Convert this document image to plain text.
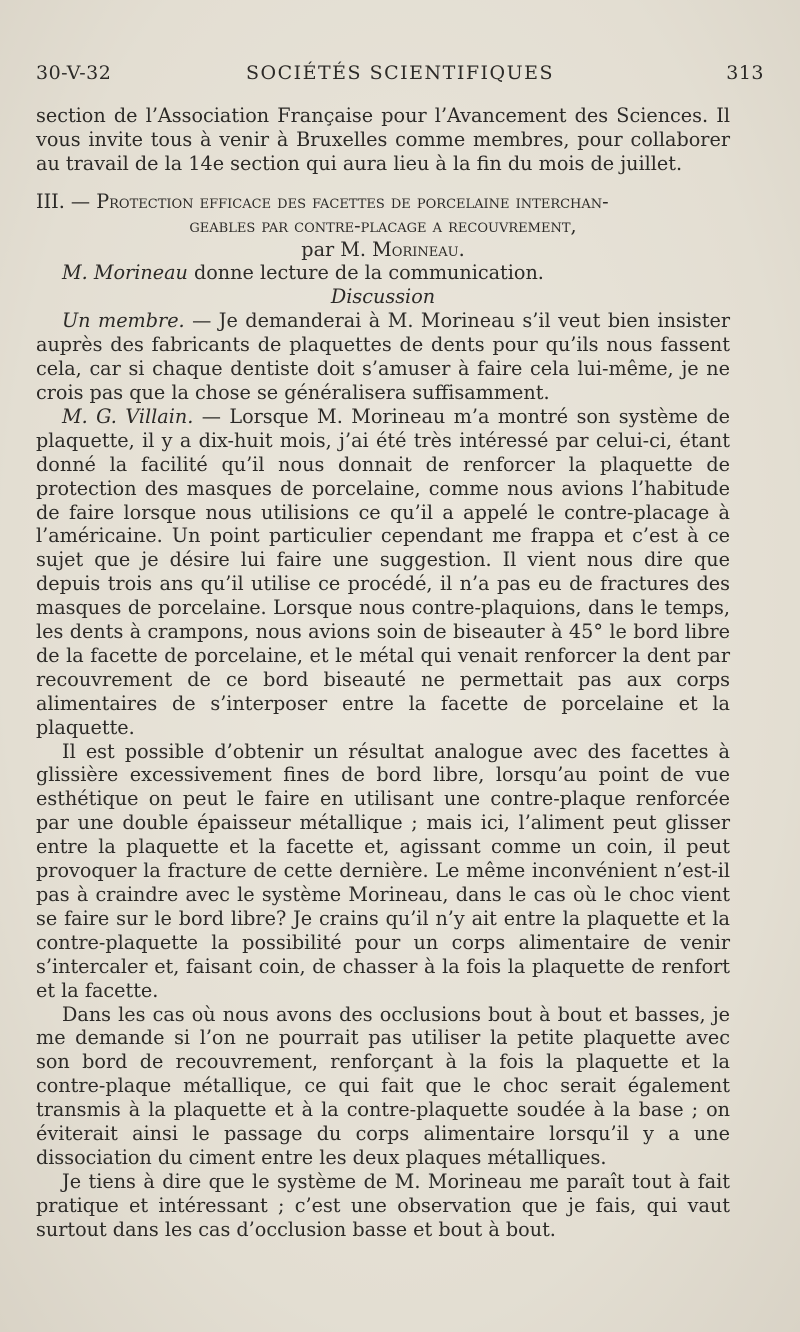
30-V-32	SOCIÉTÉS SCIENTIFIQUES	313

section de l’Association Française pour l’Avancement des Sciences. Il vous invite tous à venir à Bruxelles comme membres, pour collaborer au travail de la 14e section qui aura lieu à la fin du mois de juillet.

III. — Protection efficace des facettes de porcelaine interchan-

geables par contre-placage a recouvrement,

par M. Morineau.

M. Morineau donne lecture de la communication.

Discussion

Un membre. — Je demanderai à M. Morineau s’il veut bien insister auprès des fabricants de plaquettes de dents pour qu’ils nous fassent cela, car si chaque dentiste doit s’amuser à faire cela lui-même, je ne crois pas que la chose se généralisera suffisamment.

M. G. Villain. — Lorsque M. Morineau m’a montré son système de plaquette, il y a dix-huit mois, j’ai été très intéressé par celui-ci, étant donné la facilité qu’il nous donnait de renforcer la plaquette de protection des masques de porcelaine, comme nous avions l’habitude de faire lorsque nous utilisions ce qu’il a appelé le contre-placage à l’américaine. Un point particulier cependant me frappa et c’est à ce sujet que je désire lui faire une suggestion. Il vient nous dire que depuis trois ans qu’il utilise ce procédé, il n’a pas eu de fractures des masques de porcelaine. Lorsque nous contre-plaquions, dans le temps, les dents à crampons, nous avions soin de biseauter à 45° le bord libre de la facette de porcelaine, et le métal qui venait renforcer la dent par recouvrement de ce bord biseauté ne permettait pas aux corps alimentaires de s’interposer entre la facette de porcelaine et la plaquette.

Il est possible d’obtenir un résultat analogue avec des facettes à glissière excessivement fines de bord libre, lorsqu’au point de vue esthétique on peut le faire en utilisant une contre-plaque renforcée par une double épaisseur métallique ; mais ici, l’aliment peut glisser entre la plaquette et la facette et, agissant comme un coin, il peut provoquer la fracture de cette dernière. Le même inconvénient n’est-il pas à craindre avec le système Morineau, dans le cas où le choc vient se faire sur le bord libre? Je crains qu’il n’y ait entre la plaquette et la contre-plaquette la possibilité pour un corps alimentaire de venir s’intercaler et, faisant coin, de chasser à la fois la plaquette de renfort et la facette.

Dans les cas où nous avons des occlusions bout à bout et basses, je me demande si l’on ne pourrait pas utiliser la petite plaquette avec son bord de recouvrement, renforçant à la fois la plaquette et la contre-plaque métallique, ce qui fait que le choc serait également transmis à la plaquette et à la contre-plaquette soudée à la base ; on éviterait ainsi le passage du corps alimentaire lorsqu’il y a une dissociation du ciment entre les deux plaques métalliques.

Je tiens à dire que le système de M. Morineau me paraît tout à fait pratique et intéressant ; c’est une observation que je fais, qui vaut surtout dans les cas d’occlusion basse et bout à bout.
